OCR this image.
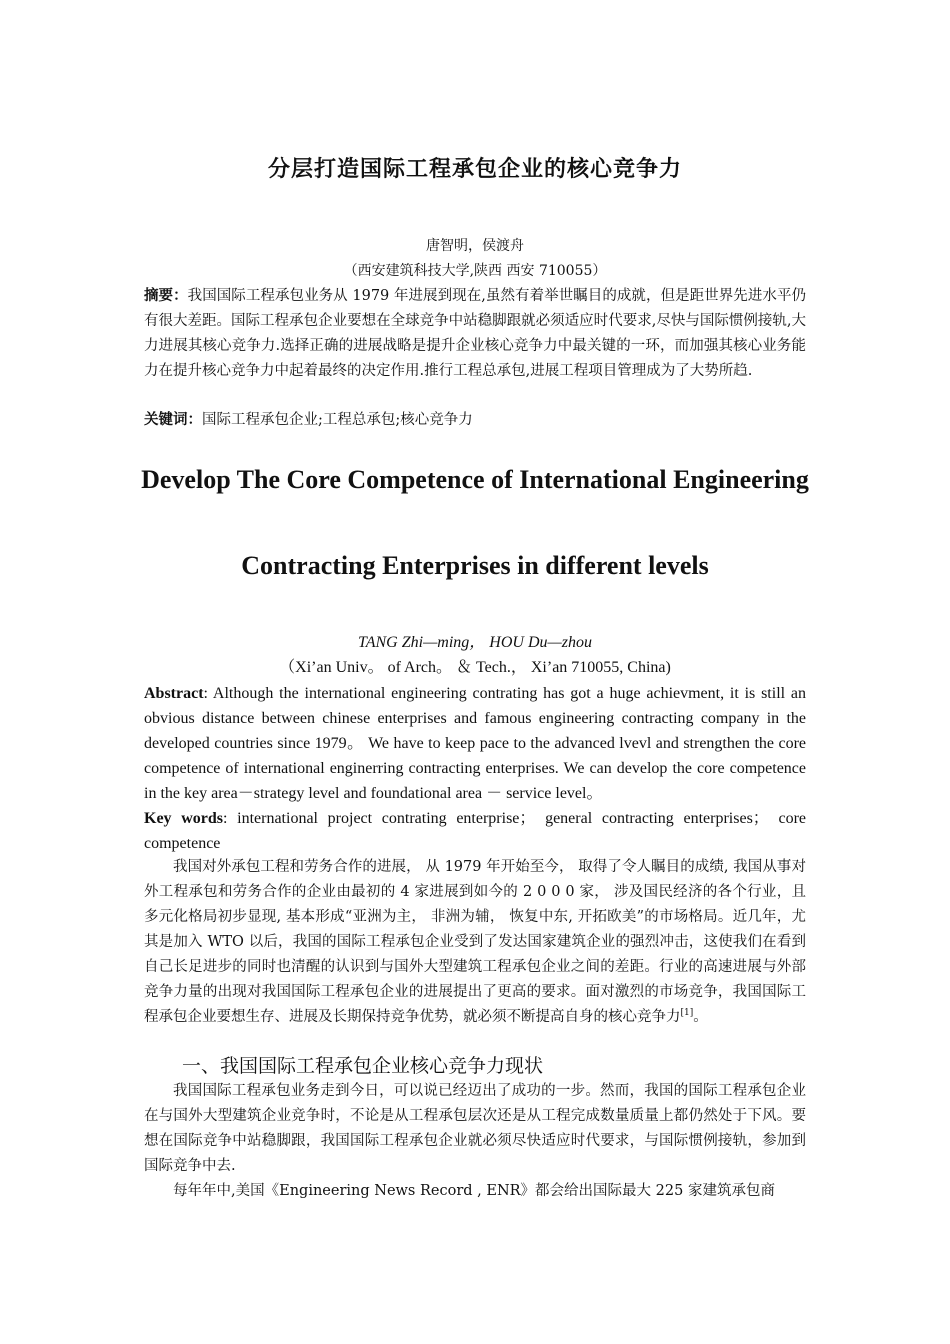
分层打造国际工程承包企业的核心竞争力
唐智明，侯渡舟
（西安建筑科技大学,陕西 西安 710055）
摘要：我国国际工程承包业务从 1979 年进展到现在,虽然有着举世瞩目的成就，但是距世界先进水平仍有很大差距。国际工程承包企业要想在全球竞争中站稳脚跟就必须适应时代要求,尽快与国际惯例接轨,大力进展其核心竞争力.选择正确的进展战略是提升企业核心竞争力中最关键的一环，而加强其核心业务能力在提升核心竞争力中起着最终的决定作用.推行工程总承包,进展工程项目管理成为了大势所趋.
关键词：国际工程承包企业;工程总承包;核心竞争力
Develop The Core Competence of International Engineering
Contracting Enterprises in different levels
TANG Zhi—ming， HOU Du—zhou
（Xi’an Univ。 of Arch。 ＆ Tech.， Xi’an 710055, China)
Abstract: Although the international engineering contrating has got a huge achievment, it is still an obvious distance between chinese enterprises and famous engineering contracting company in the developed countries since 1979。 We have to keep pace to the advanced lvevl and strengthen the core competence of international enginerring contracting enterprises. We can develop the core competence in the key area－strategy level and foundational area － service level。
Key words: international project contrating enterprise； general contracting enterprises； core competence
我国对外承包工程和劳务合作的进展， 从 1979 年开始至今， 取得了令人瞩目的成绩, 我国从事对外工程承包和劳务合作的企业由最初的 4 家进展到如今的 2 0 0 0 家， 涉及国民经济的各个行业，且多元化格局初步显现, 基本形成“亚洲为主， 非洲为辅， 恢复中东, 开拓欧美”的市场格局。近几年，尤其是加入 WTO 以后，我国的国际工程承包企业受到了发达国家建筑企业的强烈冲击，这使我们在看到自己长足进步的同时也清醒的认识到与国外大型建筑工程承包企业之间的差距。行业的高速进展与外部竞争力量的出现对我国国际工程承包企业的进展提出了更高的要求。面对激烈的市场竞争，我国国际工程承包企业要想生存、进展及长期保持竞争优势，就必须不断提高自身的核心竞争力[1]。
一、我国国际工程承包企业核心竞争力现状
我国国际工程承包业务走到今日，可以说已经迈出了成功的一步。然而，我国的国际工程承包企业在与国外大型建筑企业竞争时，不论是从工程承包层次还是从工程完成数量质量上都仍然处于下风。要想在国际竞争中站稳脚跟，我国国际工程承包企业就必须尽快适应时代要求，与国际惯例接轨，参加到国际竞争中去.
每年年中,美国《Engineering News Record , ENR》都会给出国际最大 225 家建筑承包商
